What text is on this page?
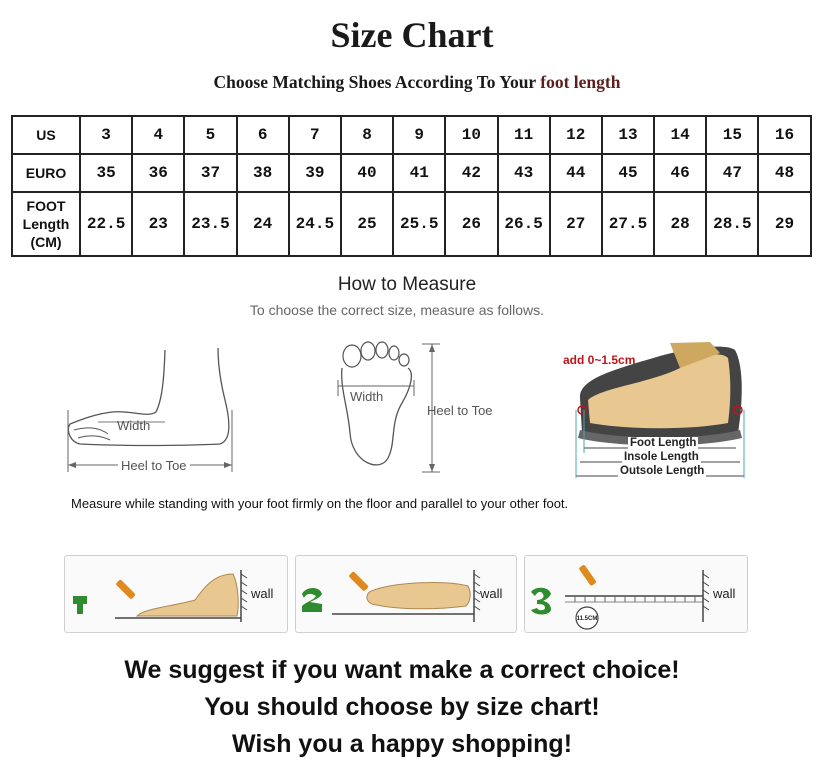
Size Chart
Choose Matching Shoes According To Your foot length
US	3	4	5	6	7	8	9	10	11	12	13	14	15	16
EURO	35	36	37	38	39	40	41	42	43	44	45	46	47	48
FOOT
Length
(CM)	22.5	23	23.5	24	24.5	25	25.5	26	26.5	27	27.5	28	28.5	29
How to Measure
To choose the correct size, measure as follows.
Width
Heel to Toe
Width
Heel to Toe
add 0~1.5cm
Foot Length
Insole Length
Outsole Length
Measure while standing with your foot firmly on the floor and parallel to your other foot.
wall	wall	wall
11.5CM
We suggest if you want make a correct choice!
You should choose by size chart!
Wish you a happy shopping!
